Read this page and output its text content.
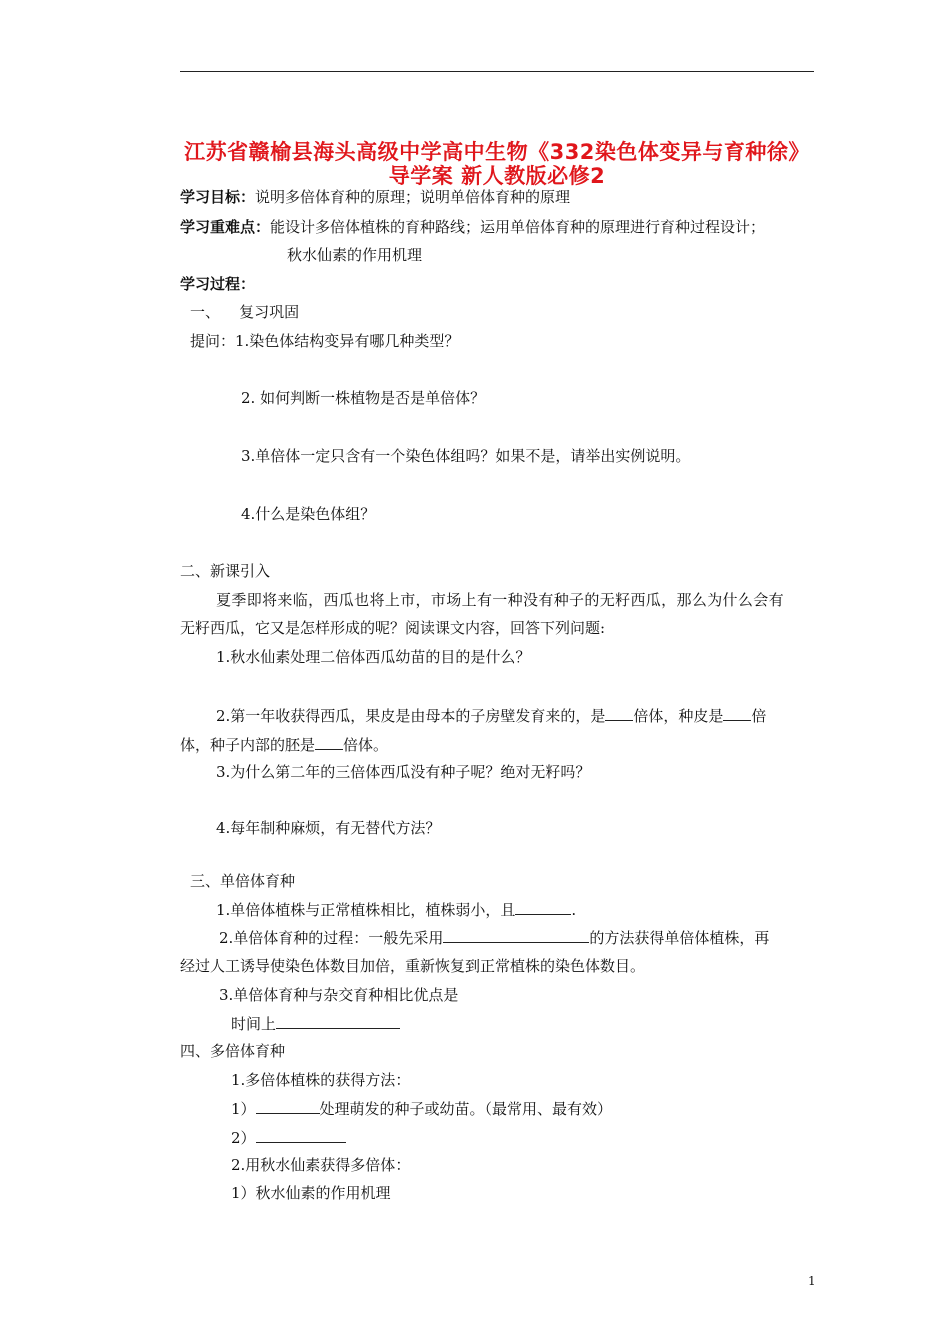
江苏省赣榆县海头高级中学高中生物《332染色体变异与育种徐》
导学案 新人教版必修2
学习目标：说明多倍体育种的原理；说明单倍体育种的原理
学习重难点：能设计多倍体植株的育种路线；运用单倍体育种的原理进行育种过程设计；
秋水仙素的作用机理
学习过程：
一、    复习巩固
提问：1.染色体结构变异有哪几种类型？
2. 如何判断一株植物是否是单倍体？
3.单倍体一定只含有一个染色体组吗？如果不是，请举出实例说明。
4.什么是染色体组？
二、新课引入
夏季即将来临，西瓜也将上市，市场上有一种没有种子的无籽西瓜，那么为什么会有
无籽西瓜，它又是怎样形成的呢？阅读课文内容，回答下列问题:
1.秋水仙素处理二倍体西瓜幼苗的目的是什么？
2.第一年收获得西瓜，果皮是由母本的子房壁发育来的，是 倍体，种皮是 倍
体，种子内部的胚是 倍体。
3.为什么第二年的三倍体西瓜没有种子呢？绝对无籽吗？
4.每年制种麻烦，有无替代方法？
三、单倍体育种
1.单倍体植株与正常植株相比，植株弱小，且	.
2.单倍体育种的过程：一般先采用	的方法获得单倍体植株，再
经过人工诱导使染色体数目加倍，重新恢复到正常植株的染色体数目。
3.单倍体育种与杂交育种相比优点是
时间上
四、多倍体育种
1.多倍体植株的获得方法：
1）	处理萌发的种子或幼苗。（最常用、最有效）
2）
2.用秋水仙素获得多倍体：
1）秋水仙素的作用机理
1
